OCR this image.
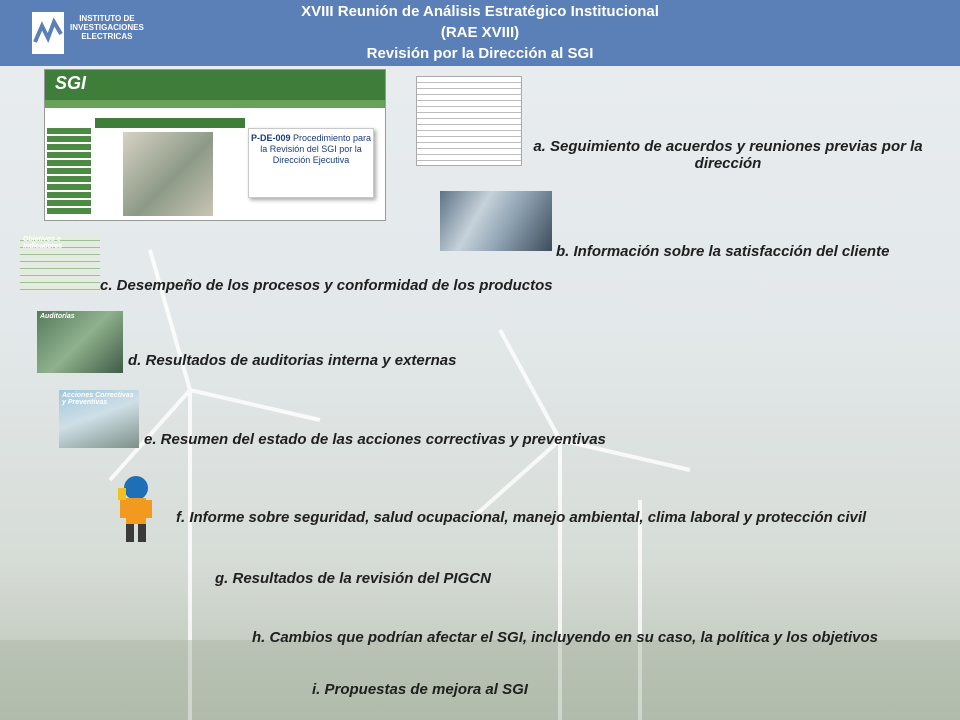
INSTITUTO DE
INVESTIGACIONES
ELECTRICAS
XVIII Reunión de Análisis Estratégico Institucional
(RAE XVIII)
Revisión por la Dirección al SGI
SGI
P-DE-009 Procedimiento para la Revisión del SGI por la Dirección Ejecutiva
Objetivos e Indicadores
Auditorías
Acciones Correctivas y Preventivas
a. Seguimiento de acuerdos y reuniones previas por la dirección
b. Información sobre la satisfacción del cliente
c. Desempeño de los procesos y conformidad de los productos
d. Resultados de auditorias interna y externas
e. Resumen del estado de las acciones correctivas y preventivas
f. Informe sobre seguridad, salud ocupacional, manejo ambiental, clima laboral y protección civil
g. Resultados de la revisión del PIGCN
h. Cambios que podrían afectar el SGI, incluyendo en su caso, la política y los objetivos
i. Propuestas de mejora al SGI
